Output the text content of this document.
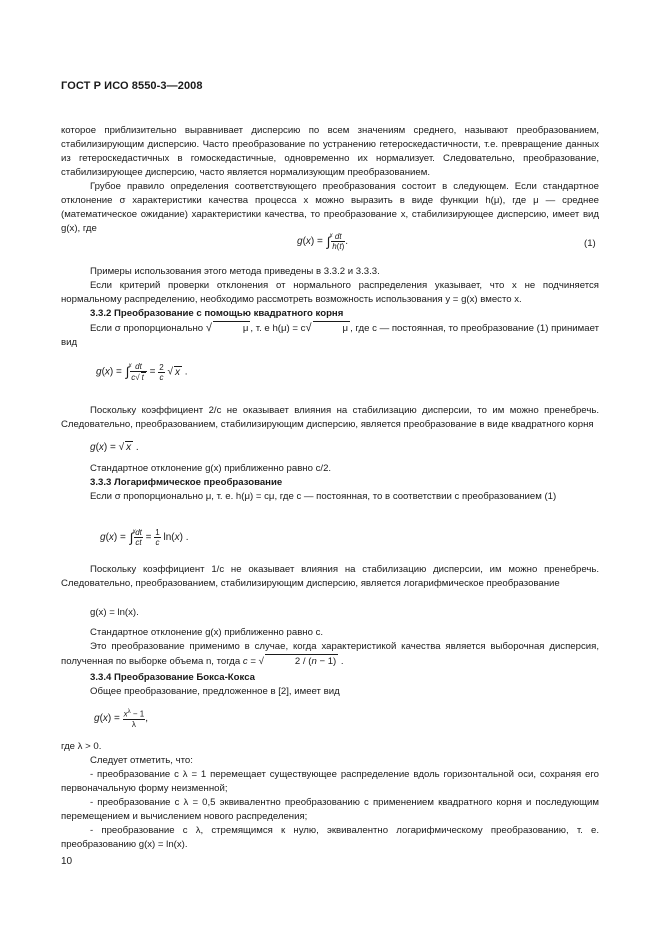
ГОСТ Р ИСО 8550-3—2008
которое приблизительно выравнивает дисперсию по всем значениям среднего, называют преобразованием, стабилизирующим дисперсию. Часто преобразование по устранению гетероскедастичности, т.е. превращение данных из гетероскедастичных в гомоскедастичные, одновременно их нормализует. Следовательно, преобразование, стабилизирующее дисперсию, часто является нормализующим преобразованием.
Грубое правило определения соответствующего преобразования состоит в следующем. Если стандартное отклонение σ характеристики качества процесса x можно выразить в виде функции h(μ), где μ — среднее (математическое ожидание) характеристики качества, то преобразование x, стабилизирующее дисперсию, имеет вид g(x), где
g(x) = ∫ x
$\frac{dt}{h(t)}$ .	(1)
Примеры использования этого метода приведены в 3.3.2 и 3.3.3.
Если критерий проверки отклонения от нормального распределения указывает, что x не подчиняется нормальному распределению, необходимо рассмотреть возможность использования y = g(x) вместо x.
3.3.2 Преобразование с помощью квадратного корня
Если σ пропорционально √	μ , т. е h(μ) = c√	μ , где c — постоянная, то преобразование (1) принимает вид
g(x) = ∫ x
$\frac{dt}{c√ t} = \frac{2}{c}$ √ x .
Поскольку коэффициент 2/c не оказывает влияния на стабилизацию дисперсии, то им можно пренебречь. Следовательно, преобразованием, стабилизирующим дисперсию, является преобразование в виде квадратного корня
g(x) = √ x .
Стандартное отклонение g(x) приближенно равно c/2.
3.3.3 Логарифмическое преобразование
Если σ пропорционально μ, т. е. h(μ) = cμ, где c — постоянная, то в соответствии с преобразованием (1)
g(x) = ∫ x
$\frac{dt}{ct} = \frac{1}{c} \ln(x)$ .
Поскольку коэффициент 1/c не оказывает влияния на стабилизацию дисперсии, им можно пренебречь. Следовательно, преобразованием, стабилизирующим дисперсию, является логарифмическое преобразование
g(x) = ln(x).
Стандартное отклонение g(x) приближенно равно c.
Это преобразование применимо в случае, когда характеристикой качества является выборочная дисперсия, полученная по выборке объема n, тогда c = √	2 / (n − 1) .
3.3.4 Преобразование Бокса-Кокса
Общее преобразование, предложенное в [2], имеет вид
$g(x) = \frac{x^\lambda - 1}{\lambda}$ ,
где λ > 0.
Следует отметить, что:
- преобразование с λ = 1 перемещает существующее распределение вдоль горизонтальной оси, сохраняя его первоначальную форму неизменной;
- преобразование с λ = 0,5 эквивалентно преобразованию с применением квадратного корня и последующим перемещением и вычислением нового распределения;
- преобразование с λ, стремящимся к нулю, эквивалентно логарифмическому преобразованию, т. е. преобразованию g(x) = ln(x).
10
